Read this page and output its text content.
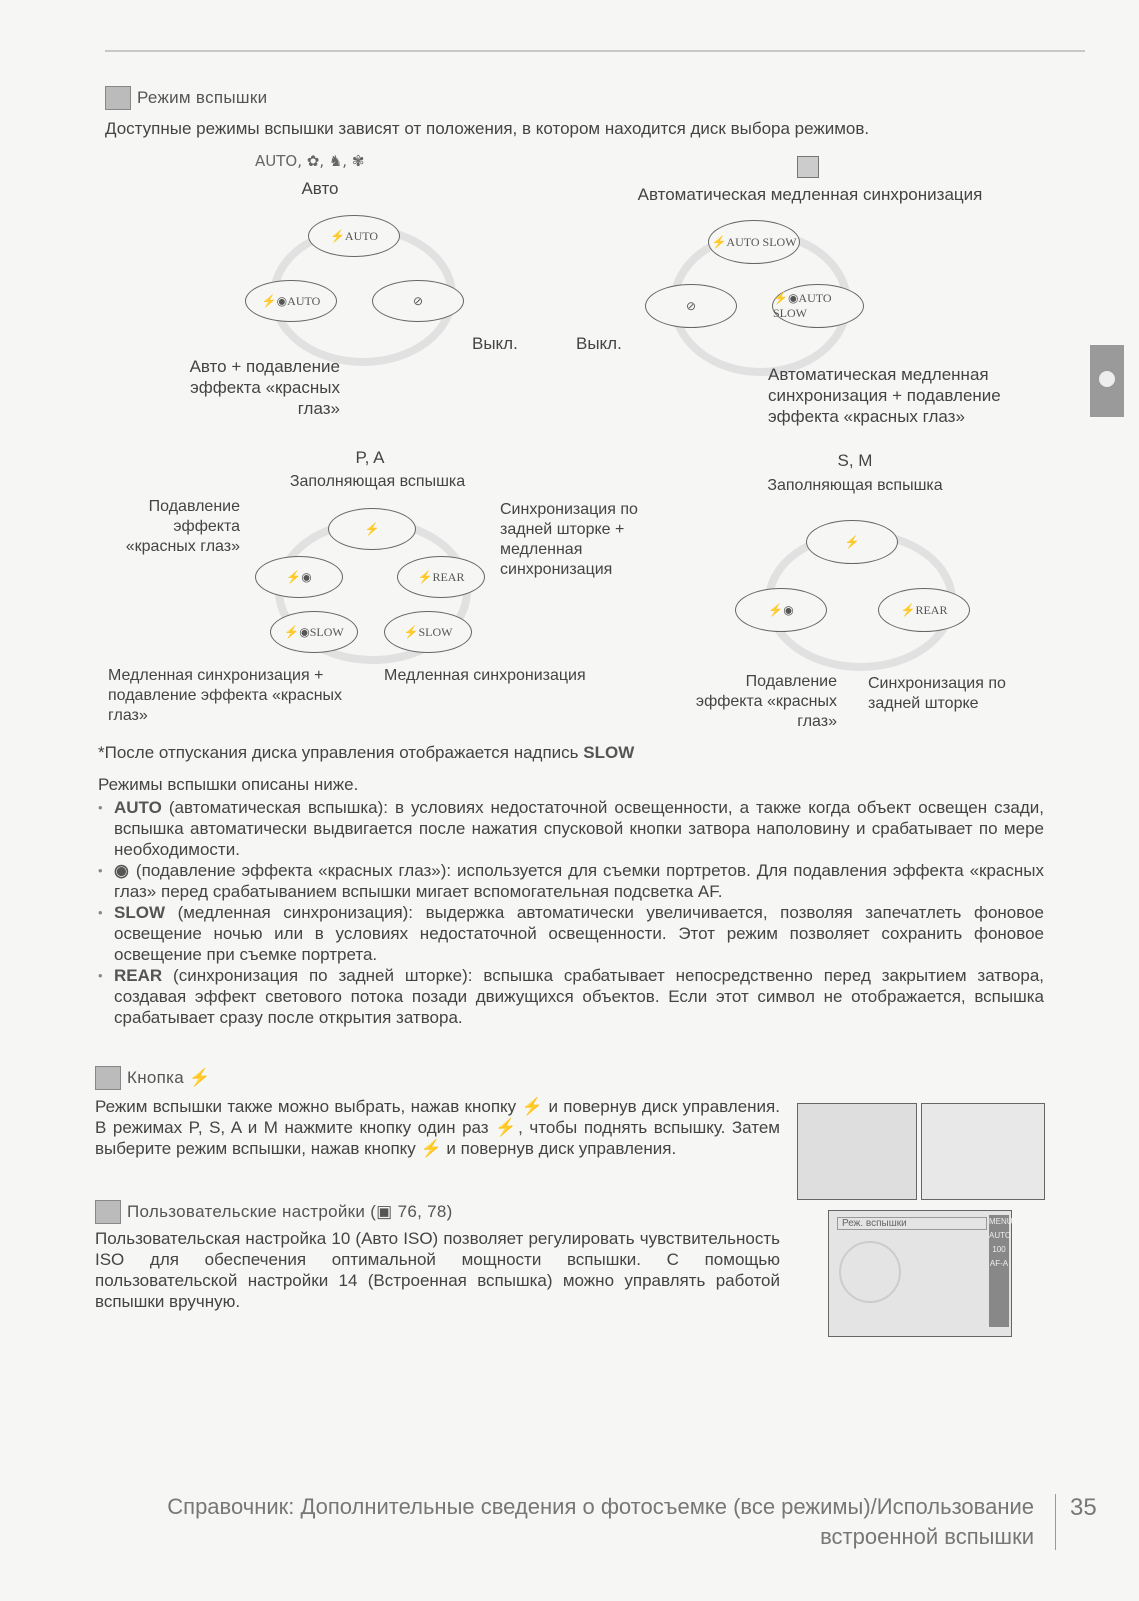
Режим вспышки
Доступные режимы вспышки зависят от положения, в котором находится диск выбора режимов.
AUTO, ✿, ♞, ✾
Авто
⚡AUTO
⚡◉AUTO	⊘
Выкл.
Авто + подавление эффекта «красных глаз»
Автоматическая медленная синхронизация
⚡AUTO SLOW
⊘
⚡◉AUTO SLOW
Выкл.
Автоматическая медленная синхронизация + подавление эффекта «красных глаз»
P, A
Заполняющая вспышка
⚡
⚡◉	⚡REAR
⚡◉SLOW	⚡SLOW
Подавление эффекта «красных глаз»
Синхронизация по задней шторке + медленная синхронизация
Медленная синхронизация + подавление эффекта «красных глаз»
Медленная синхронизация
S, M
Заполняющая вспышка
⚡
⚡◉	⚡REAR
Подавление эффекта «красных глаз»
Синхронизация по задней шторке
*После отпускания диска управления отображается надпись SLOW
Режимы вспышки описаны ниже.
• AUTO (автоматическая вспышка): в условиях недостаточной освещенности, а также когда объект освещен сзади, вспышка автоматически выдвигается после нажатия спусковой кнопки затвора наполовину и срабатывает по мере необходимости.
• ◉ (подавление эффекта «красных глаз»): используется для съемки портретов. Для подавления эффекта «красных глаз» перед срабатыванием вспышки мигает вспомогательная подсветка AF.
• SLOW (медленная синхронизация): выдержка автоматически увеличивается, позволяя запечатлеть фоновое освещение ночью или в условиях недостаточной освещенности. Этот режим позволяет сохранить фоновое освещение при съемке портрета.
• REAR (синхронизация по задней шторке): вспышка срабатывает непосредственно перед закрытием затвора, создавая эффект светового потока позади движущихся объектов. Если этот символ не отображается, вспышка срабатывает сразу после открытия затвора.
Кнопка ⚡
Режим вспышки также можно выбрать, нажав кнопку ⚡ и повернув диск управления. В режимах P, S, A и M нажмите кнопку один раз ⚡, чтобы поднять вспышку. Затем выберите режим вспышки, нажав кнопку ⚡ и повернув диск управления.
Пользовательские настройки (▣ 76, 78)
Пользовательская настройка 10 (Авто ISO) позволяет регулировать чувствительность ISO для обеспечения оптимальной мощности вспышки. С помощью пользовательской настройки 14 (Встроенная вспышка) можно управлять работой вспышки вручную.
Реж. вспышки	MENU
AUTO
100
AF-A
Справочник: Дополнительные сведения о фотосъемке (все режимы)/Использование
встроенной вспышки
35
